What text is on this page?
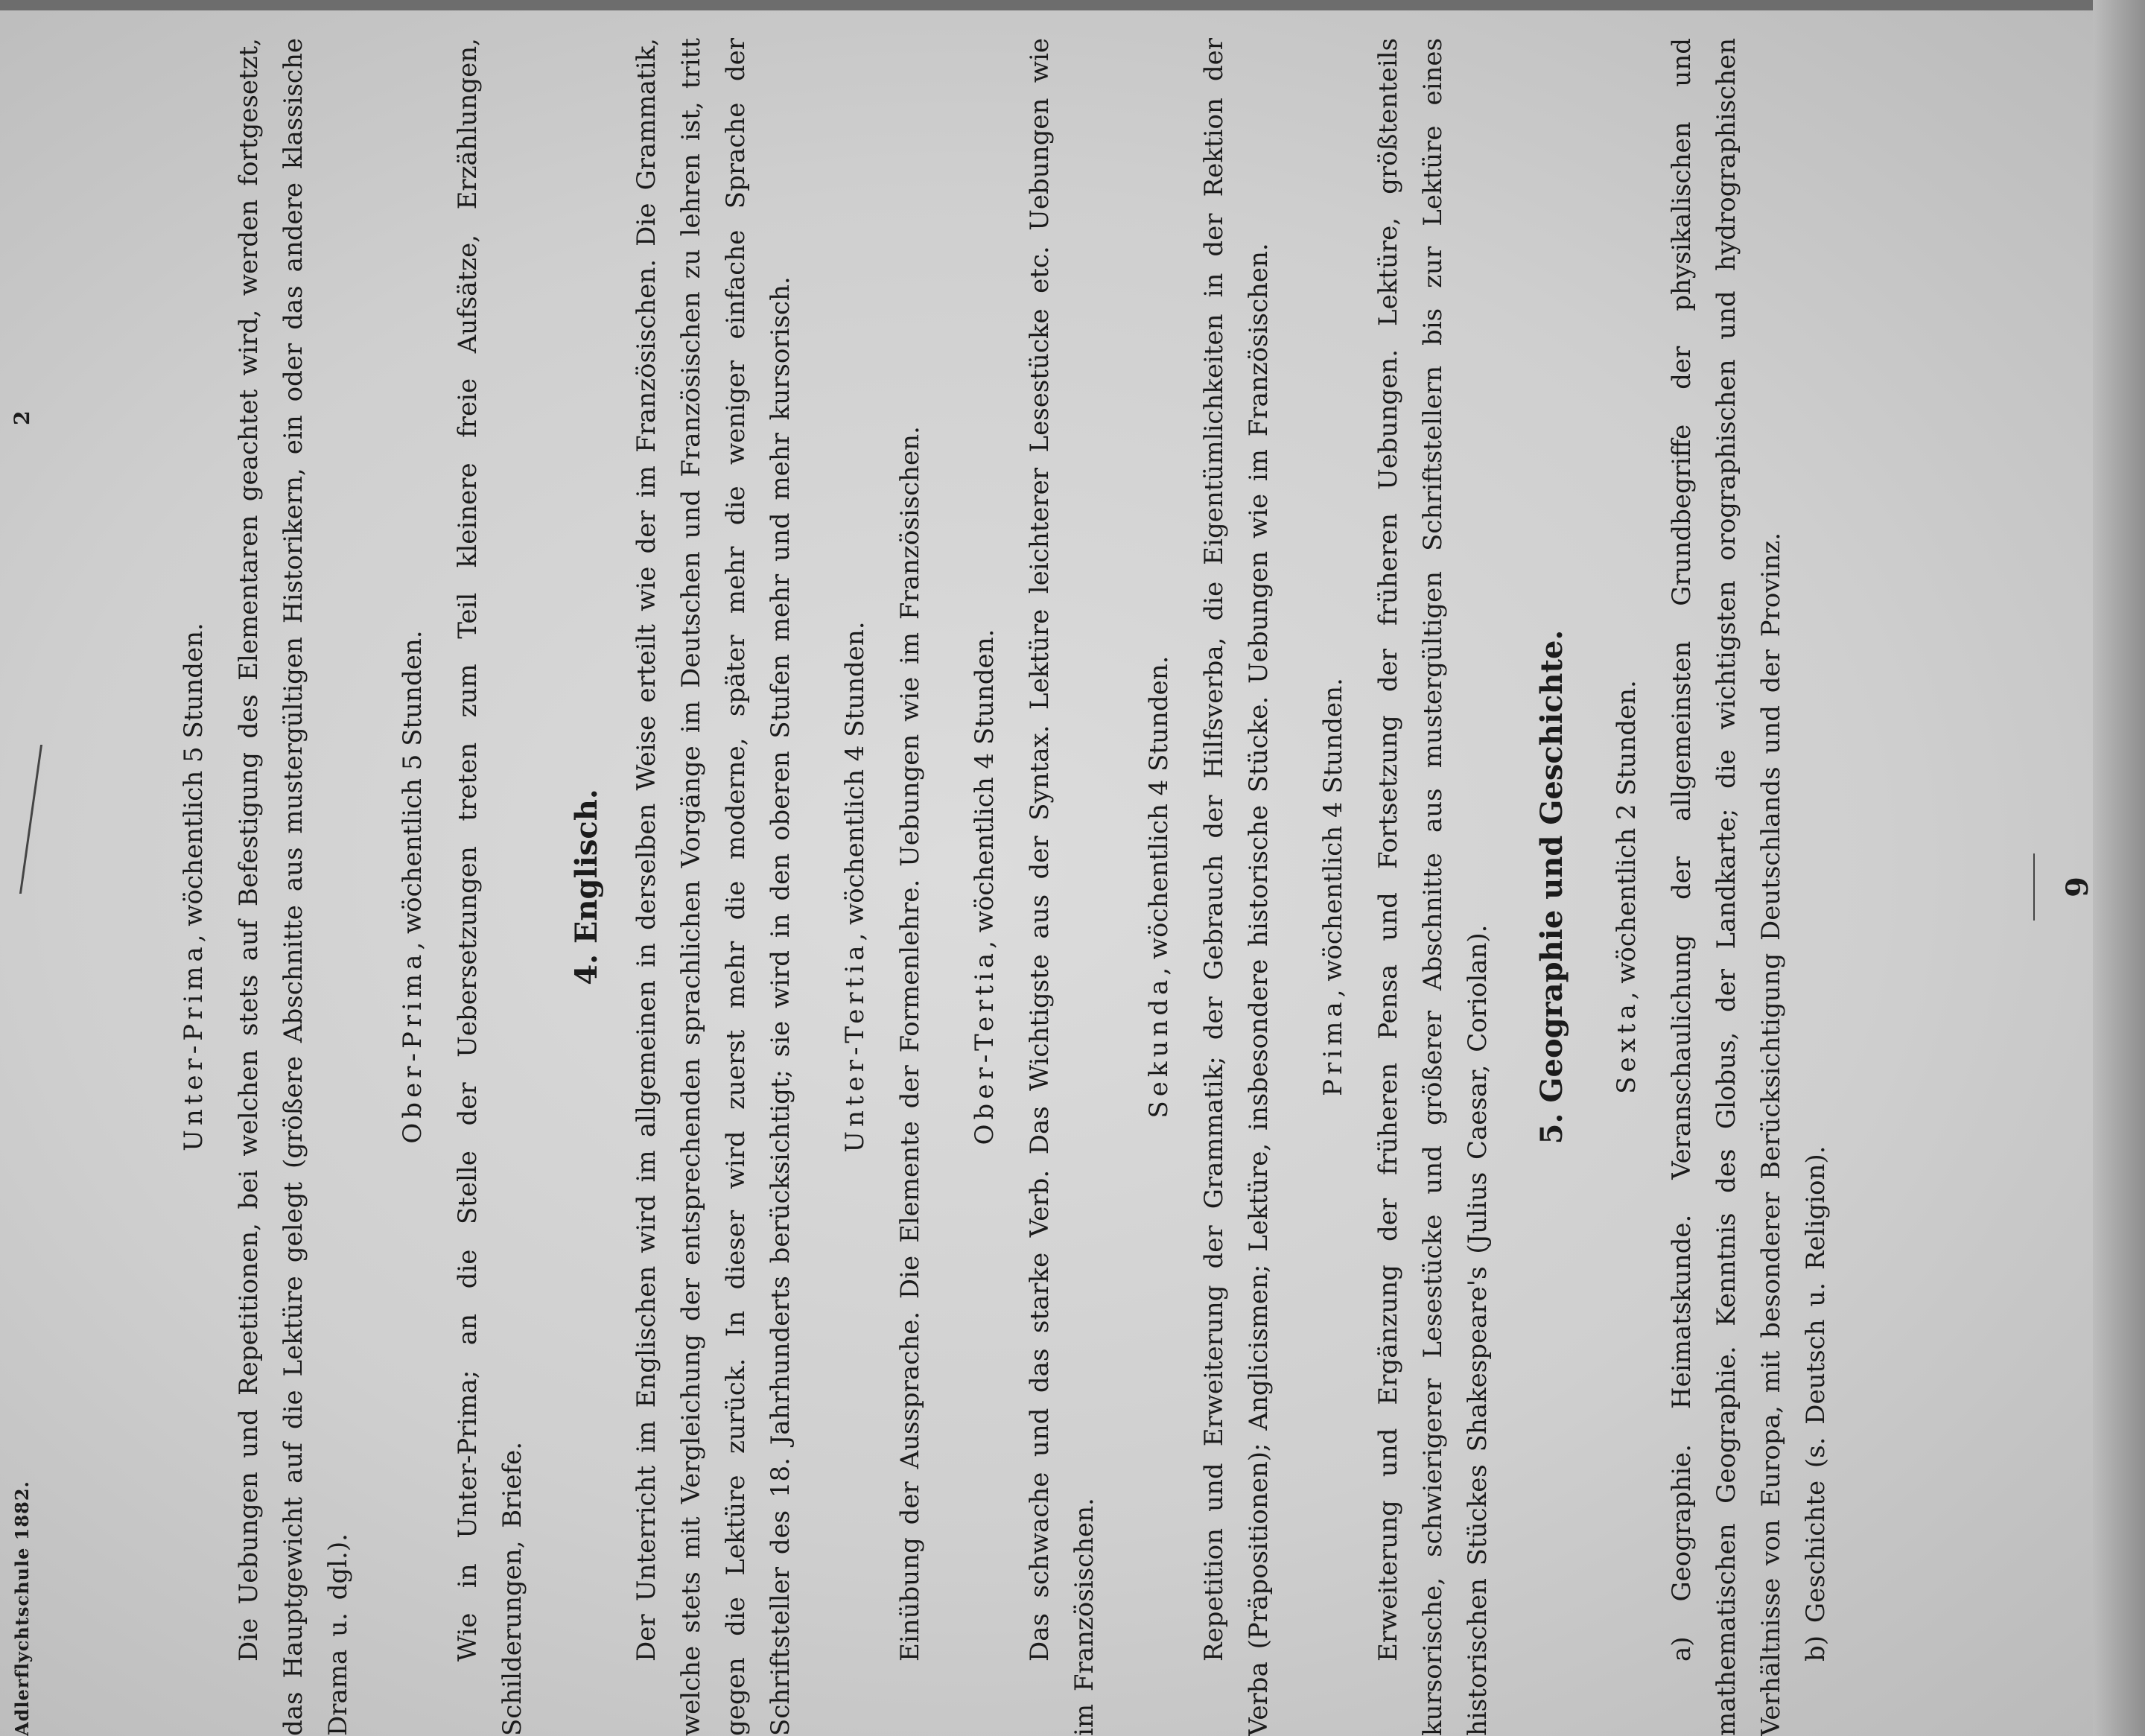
9

Unter-Prima, wöchentlich 5 Stunden. Die Uebungen und Repetitionen, bei welchen stets auf Befestigung des Elementaren geachtet wird, werden fortgesetzt, das Hauptgewicht auf die Lektüre gelegt (größere Abschnitte aus mustergültigen Historikern, ein oder das andere klassische Drama u. dgl.).

Ober-Prima, wöchentlich 5 Stunden. Wie in Unter-Prima; an die Stelle der Uebersetzungen treten zum Teil kleinere freie Aufsätze, Erzählungen, Schilderungen, Briefe.

4. Englisch. Der Unterricht im Englischen wird im allgemeinen in derselben Weise erteilt wie der im Französischen. Die Grammatik, welche stets mit Vergleichung der entsprechenden sprachlichen Vorgänge im Deutschen und Französischen zu lehren ist, tritt gegen die Lektüre zurück. In dieser wird zuerst mehr die moderne, später mehr die weniger einfache Sprache der Schriftsteller des 18. Jahrhunderts berücksichtigt; sie wird in den oberen Stufen mehr und mehr kursorisch. Unter-Tertia, wöchentlich 4 Stunden. Einübung der Aussprache. Die Elemente der Formenlehre. Uebungen wie im Französischen. Ober-Tertia, wöchentlich 4 Stunden. Das schwache und das starke Verb. Das Wichtigste aus der Syntax. Lektüre leichterer Lesestücke etc. Uebungen wie im Französischen.

Sekunda, wöchentlich 4 Stunden. Repetition und Erweiterung der Grammatik; der Gebrauch der Hilfsverba, die Eigentümlichkeiten in der Rektion der Verba (Präpositionen); Anglicismen; Lektüre, insbesondere historische Stücke. Uebungen wie im Französischen. Prima, wöchentlich 4 Stunden. Erweiterung und Ergänzung der früheren Pensa und Fortsetzung der früheren Uebungen. Lektüre, größtenteils kursorische, schwierigerer Lesestücke und größerer Abschnitte aus mustergültigen Schriftstellern bis zur Lektüre eines historischen Stückes Shakespeare's (Julius Caesar, Coriolan).

5. Geographie und Geschichte. Sexta, wöchentlich 2 Stunden. a) Geographie. Heimatskunde. Veranschaulichung der allgemeinsten Grundbegriffe der physikalischen und mathematischen Geographie. Kenntnis des Globus, der Landkarte; die wichtigsten orographischen und hydrographischen Verhältnisse von Europa, mit besonderer Berücksichtigung Deutschlands und der Provinz. b) Geschichte (s. Deutsch u. Religion).

Adlerflychtschule 1882.
2
